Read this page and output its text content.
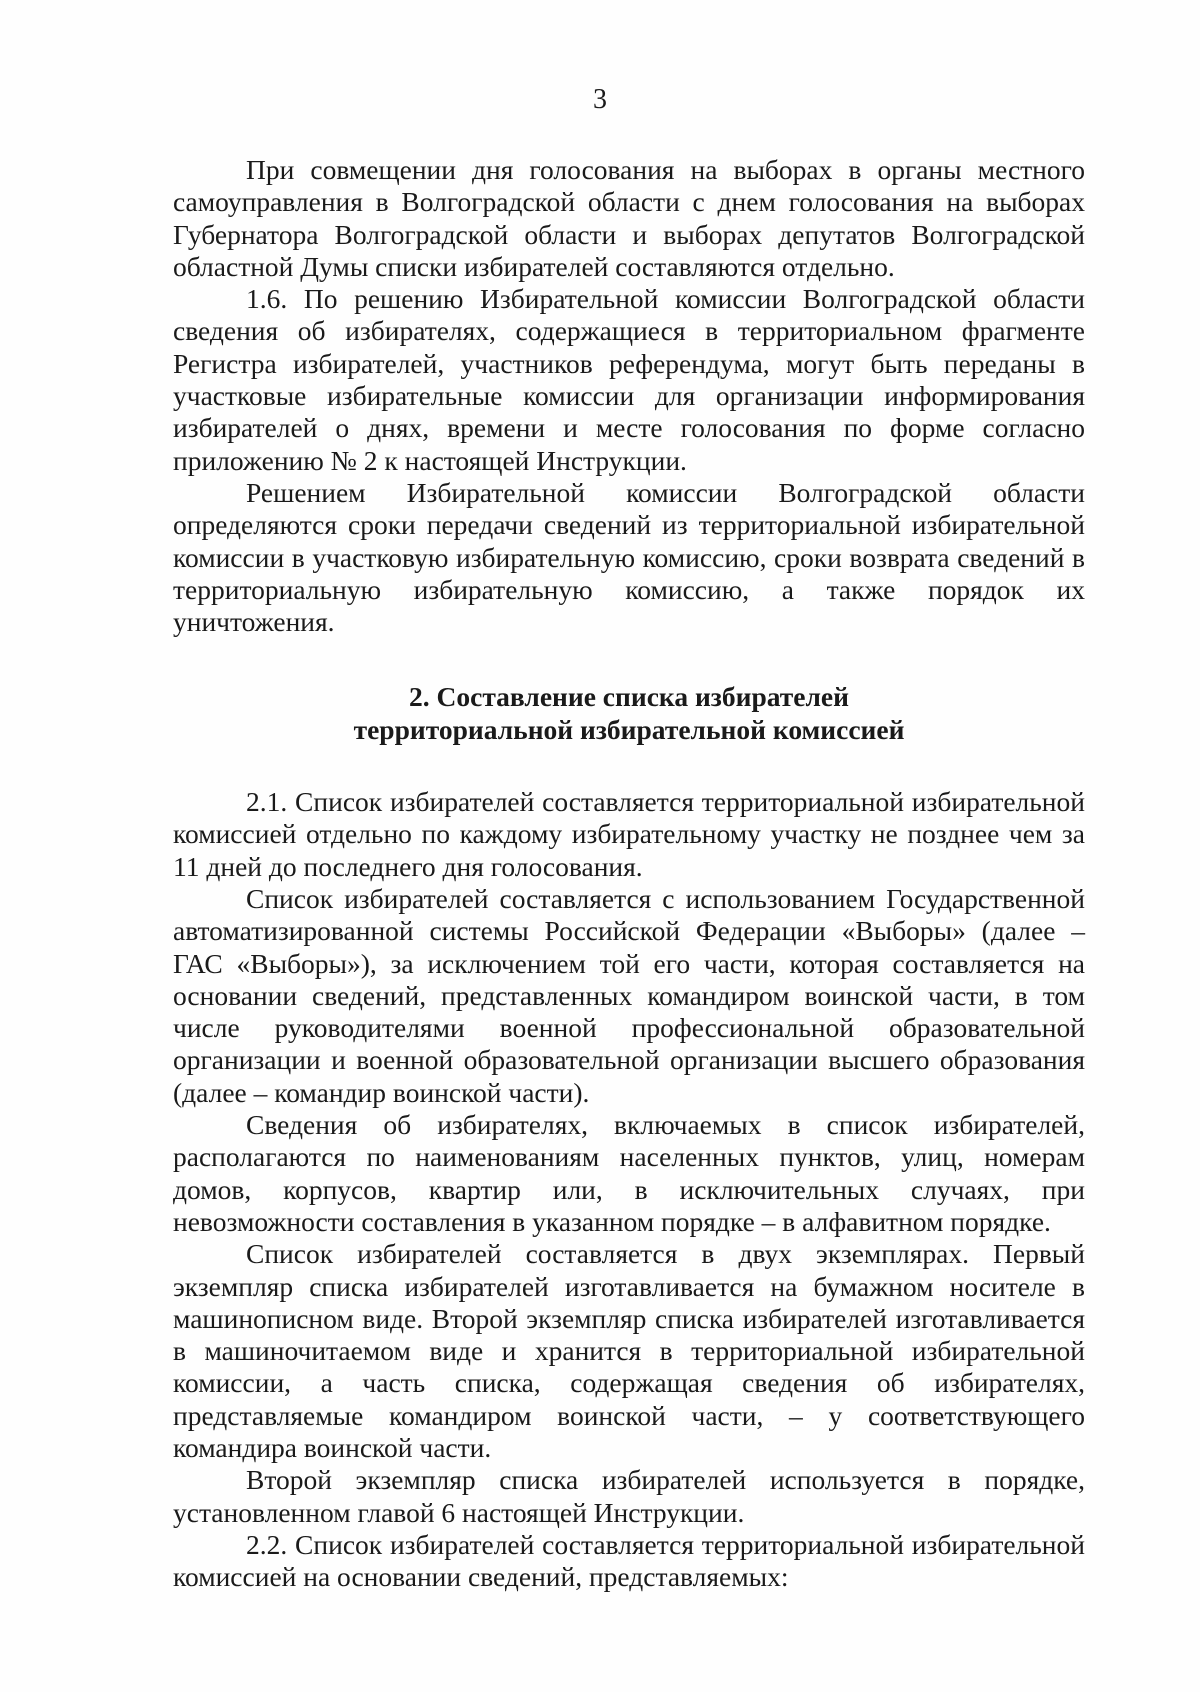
3

При совмещении дня голосования на выборах в органы местного самоуправления в Волгоградской области с днем голосования на выборах Губернатора Волгоградской области и выборах депутатов Волгоградской областной Думы списки избирателей составляются отдельно.

1.6. По решению Избирательной комиссии Волгоградской области сведения об избирателях, содержащиеся в территориальном фрагменте Регистра избирателей, участников референдума, могут быть переданы в участковые избирательные комиссии для организации информирования избирателей о днях, времени и месте голосования по форме согласно приложению № 2 к настоящей Инструкции.

Решением Избирательной комиссии Волгоградской области определяются сроки передачи сведений из территориальной избирательной комиссии в участковую избирательную комиссию, сроки возврата сведений в территориальную избирательную комиссию, а также порядок их уничтожения.

2. Составление списка избирателей
территориальной избирательной комиссией

2.1. Список избирателей составляется территориальной избирательной комиссией отдельно по каждому избирательному участку не позднее чем за 11 дней до последнего дня голосования.

Список избирателей составляется с использованием Государственной автоматизированной системы Российской Федерации «Выборы» (далее – ГАС «Выборы»), за исключением той его части, которая составляется на основании сведений, представленных командиром воинской части, в том числе руководителями военной профессиональной образовательной организации и военной образовательной организации высшего образования (далее – командир воинской части).

Сведения об избирателях, включаемых в список избирателей, располагаются по наименованиям населенных пунктов, улиц, номерам домов, корпусов, квартир или, в исключительных случаях, при невозможности составления в указанном порядке – в алфавитном порядке.

Список избирателей составляется в двух экземплярах. Первый экземпляр списка избирателей изготавливается на бумажном носителе в машинописном виде. Второй экземпляр списка избирателей изготавливается в машиночитаемом виде и хранится в территориальной избирательной комиссии, а часть списка, содержащая сведения об избирателях, представляемые командиром воинской части, – у соответствующего командира воинской части.

Второй экземпляр списка избирателей используется в порядке, установленном главой 6 настоящей Инструкции.

2.2. Список избирателей составляется территориальной избирательной комиссией на основании сведений, представляемых:
